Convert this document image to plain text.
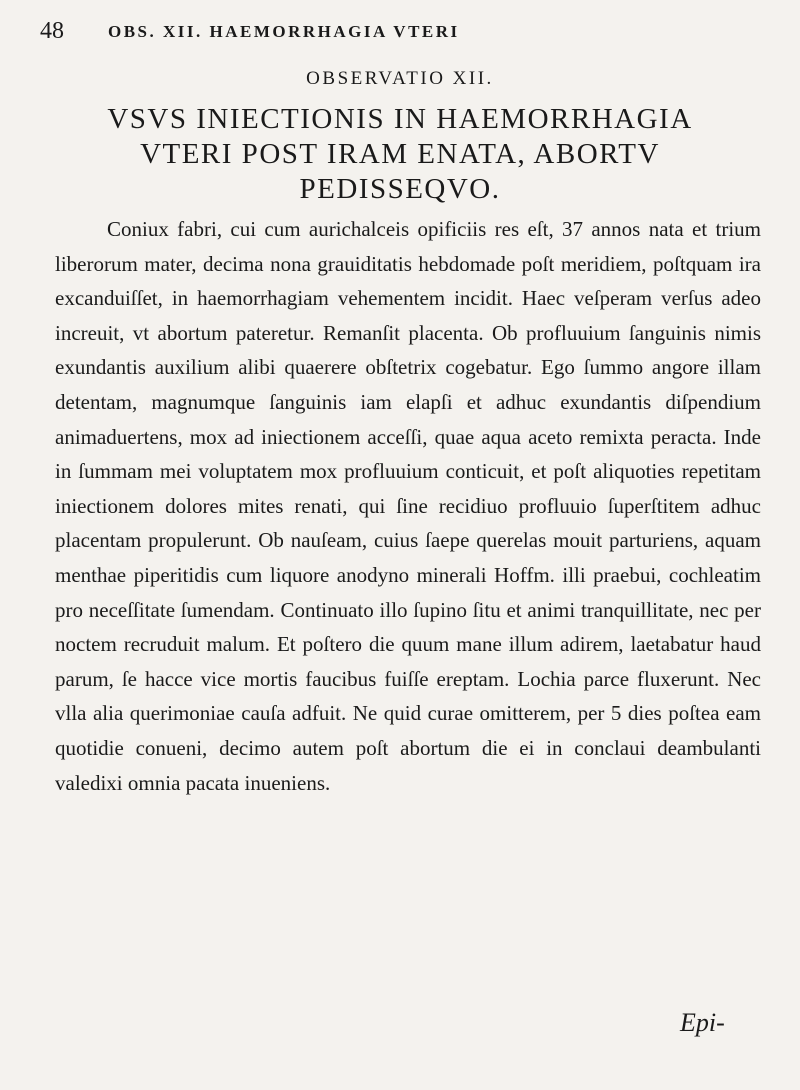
48	OBS. XII. HAEMORRHAGIA VTERI
OBSERVATIO XII.
VSVS INIECTIONIS IN HAEMORRHAGIA
VTERI POST IRAM ENATA, ABORTV
PEDISSEQVO.

Coniux fabri, cui cum aurichalceis opificiis res eſt, 37 annos nata et trium liberorum mater, decima nona grauiditatis hebdomade poſt meridiem, poſtquam ira excanduiſſet, in haemorrhagiam vehementem incidit. Haec veſperam verſus adeo increuit, vt abortum pateretur. Remanſit placenta. Ob profluuium ſanguinis nimis exundantis auxilium alibi quaerere obſtetrix cogebatur. Ego ſummo angore illam detentam, magnumque ſanguinis iam elapſi et adhuc exundantis diſpendium animaduertens, mox ad iniectionem acceſſi, quae aqua aceto remixta peracta. Inde in ſummam mei voluptatem mox profluuium conticuit, et poſt aliquoties repetitam iniectionem dolores mites renati, qui ſine recidiuo profluuio ſuperſtitem adhuc placentam propulerunt. Ob nauſeam, cuius ſaepe querelas mouit parturiens, aquam menthae piperitidis cum liquore anodyno minerali Hoffm. illi praebui, cochleatim pro neceſſitate ſumendam. Continuato illo ſupino ſitu et animi tranquillitate, nec per noctem recruduit malum. Et poſtero die quum mane illum adirem, laetabatur haud parum, ſe hacce vice mortis faucibus fuiſſe ereptam. Lochia parce fluxerunt. Nec vlla alia querimoniae cauſa adfuit. Ne quid curae omitterem, per 5 dies poſtea eam quotidie conueni, decimo autem poſt abortum die ei in conclaui deambulanti valedixi omnia pacata inueniens.

Epi-
